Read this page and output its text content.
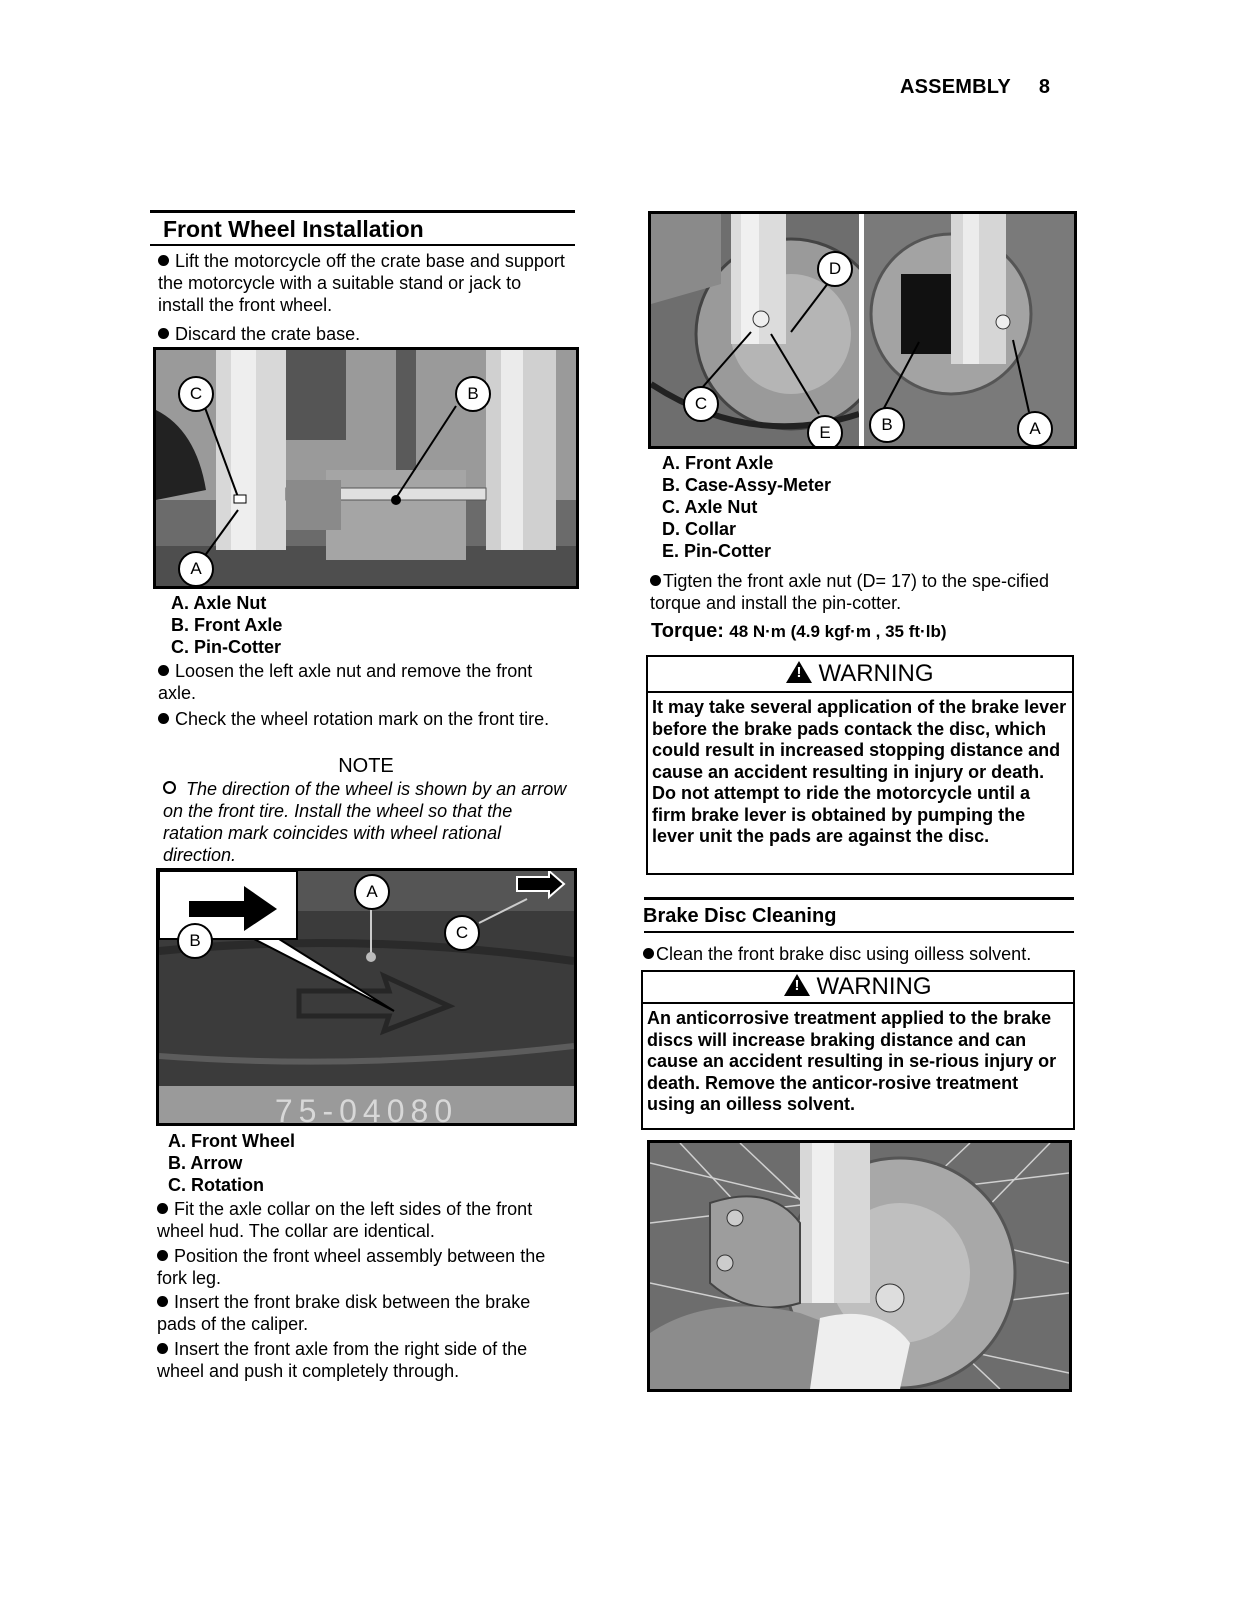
ASSEMBLY 8
Front Wheel Installation
Lift the motorcycle off the crate base and support the motorcycle with a suitable stand or jack to install the front wheel.
Discard the crate base.
C	B
A
A. Axle Nut
B. Front Axle
C. Pin-Cotter
Loosen the left axle nut and remove the front axle.
Check the wheel rotation mark on the front tire.
NOTE
The direction of the wheel is shown by an arrow on the front tire. Install the wheel so that the ratation mark coincides with wheel rational direction.
75-04080
A
B	C
A. Front Wheel
B. Arrow
C. Rotation
Fit the axle collar on the left sides of the front wheel hud. The collar are identical.
Position the front wheel assembly between the fork leg.
Insert the front brake disk between the brake pads of the caliper.
Insert the front axle from the right side of the wheel and push it completely through.
D
C
E	B	A
A. Front Axle
B. Case-Assy-Meter
C. Axle Nut
D. Collar
E. Pin-Cotter
Tigten the front axle nut (D= 17) to the spe-cified torque and install the pin-cotter.
Torque: 48 N·m (4.9 kgf·m , 35 ft·lb)
!WARNING
It may take several application of the brake lever before the brake pads contack the disc, which could result in increased stopping distance and cause an accident resulting in injury or death. Do not attempt to ride the motorcycle until a firm brake lever is obtained by pumping the lever unit the pads are against the disc.
Brake Disc Cleaning
Clean the front brake disc using oilless solvent.
!WARNING
An anticorrosive treatment applied to the brake discs will increase braking distance and can cause an accident resulting in se-rious injury or death. Remove the anticor-rosive treatment using an oilless solvent.
